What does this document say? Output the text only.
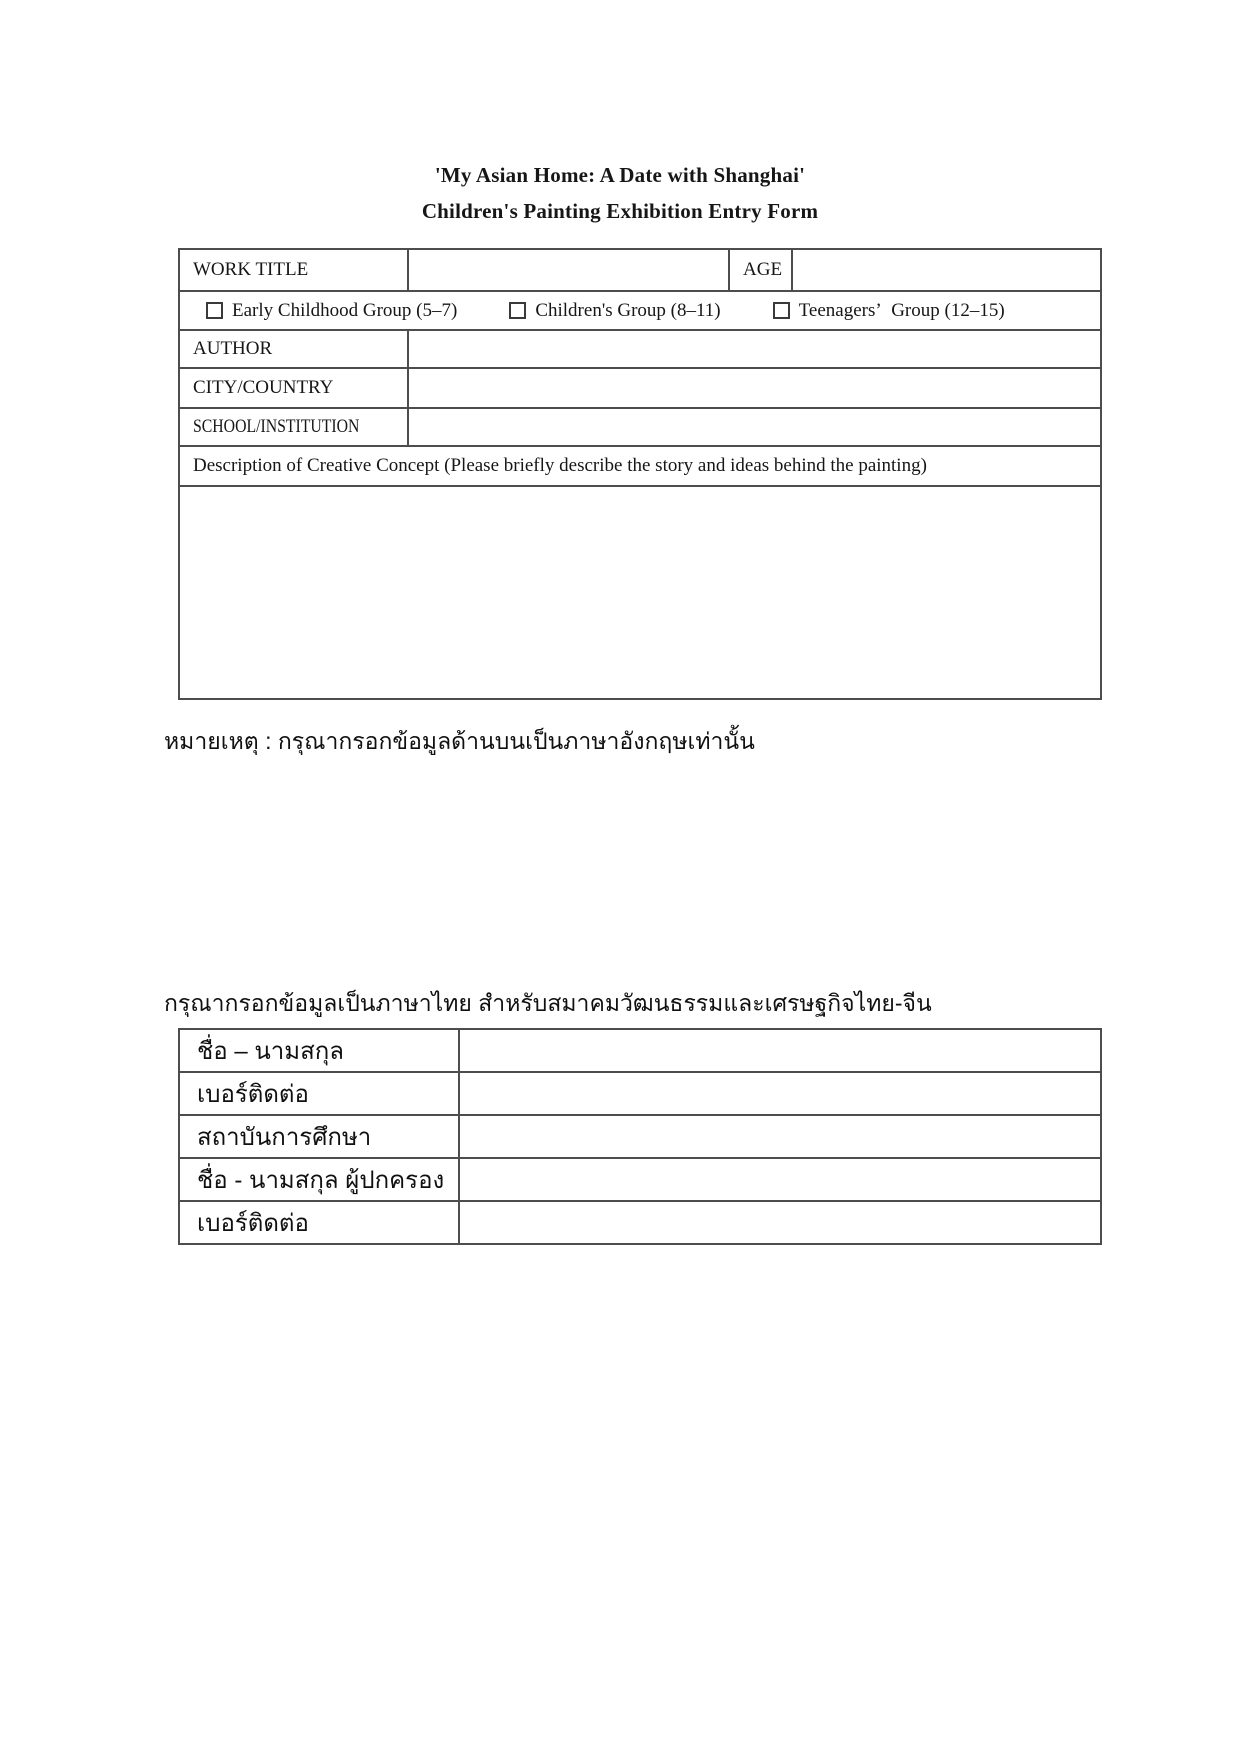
'My Asian Home: A Date with Shanghai'
Children's Painting Exhibition Entry Form
WORK TITLE		AGE	

Early Childhood Group (5–7) Children's Group (8–11) Teenagers’ Group (12–15)			

AUTHOR			
CITY/COUNTRY			
SCHOOL/INSTITUTION			
Description of Creative Concept (Please briefly describe the story and ideas behind the painting)			

หมายเหตุ : กรุณากรอกข้อมูลด้านบนเป็นภาษาอังกฤษเท่านั้น
กรุณากรอกข้อมูลเป็นภาษาไทย สำหรับสมาคมวัฒนธรรมและเศรษฐกิจไทย-จีน
ชื่อ – นามสกุล	
เบอร์ติดต่อ	
สถาบันการศึกษา	
ชื่อ - นามสกุล ผู้ปกครอง	
เบอร์ติดต่อ	
